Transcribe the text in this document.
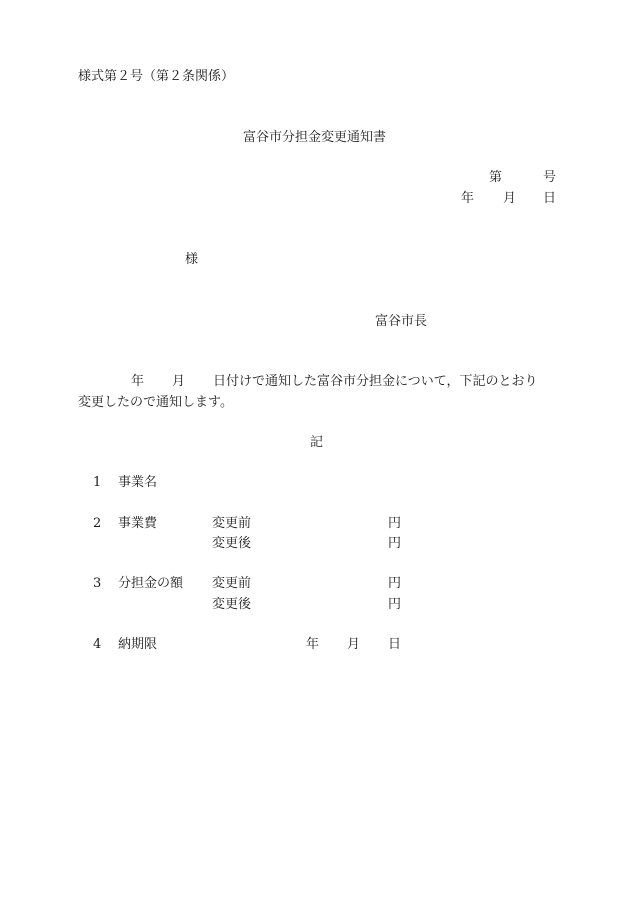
様式第２号（第２条関係）
富谷市分担金変更通知書
第	号
年 月 日
様
富谷市長
年 月 日付けで通知した富谷市分担金について，下記のとおり
変更したので通知します。
記
1 事業名
2 事業費	変更前	円
変更後	円
3 分担金の額 変更前	円
変更後	円
4 納期限	年 月 日
